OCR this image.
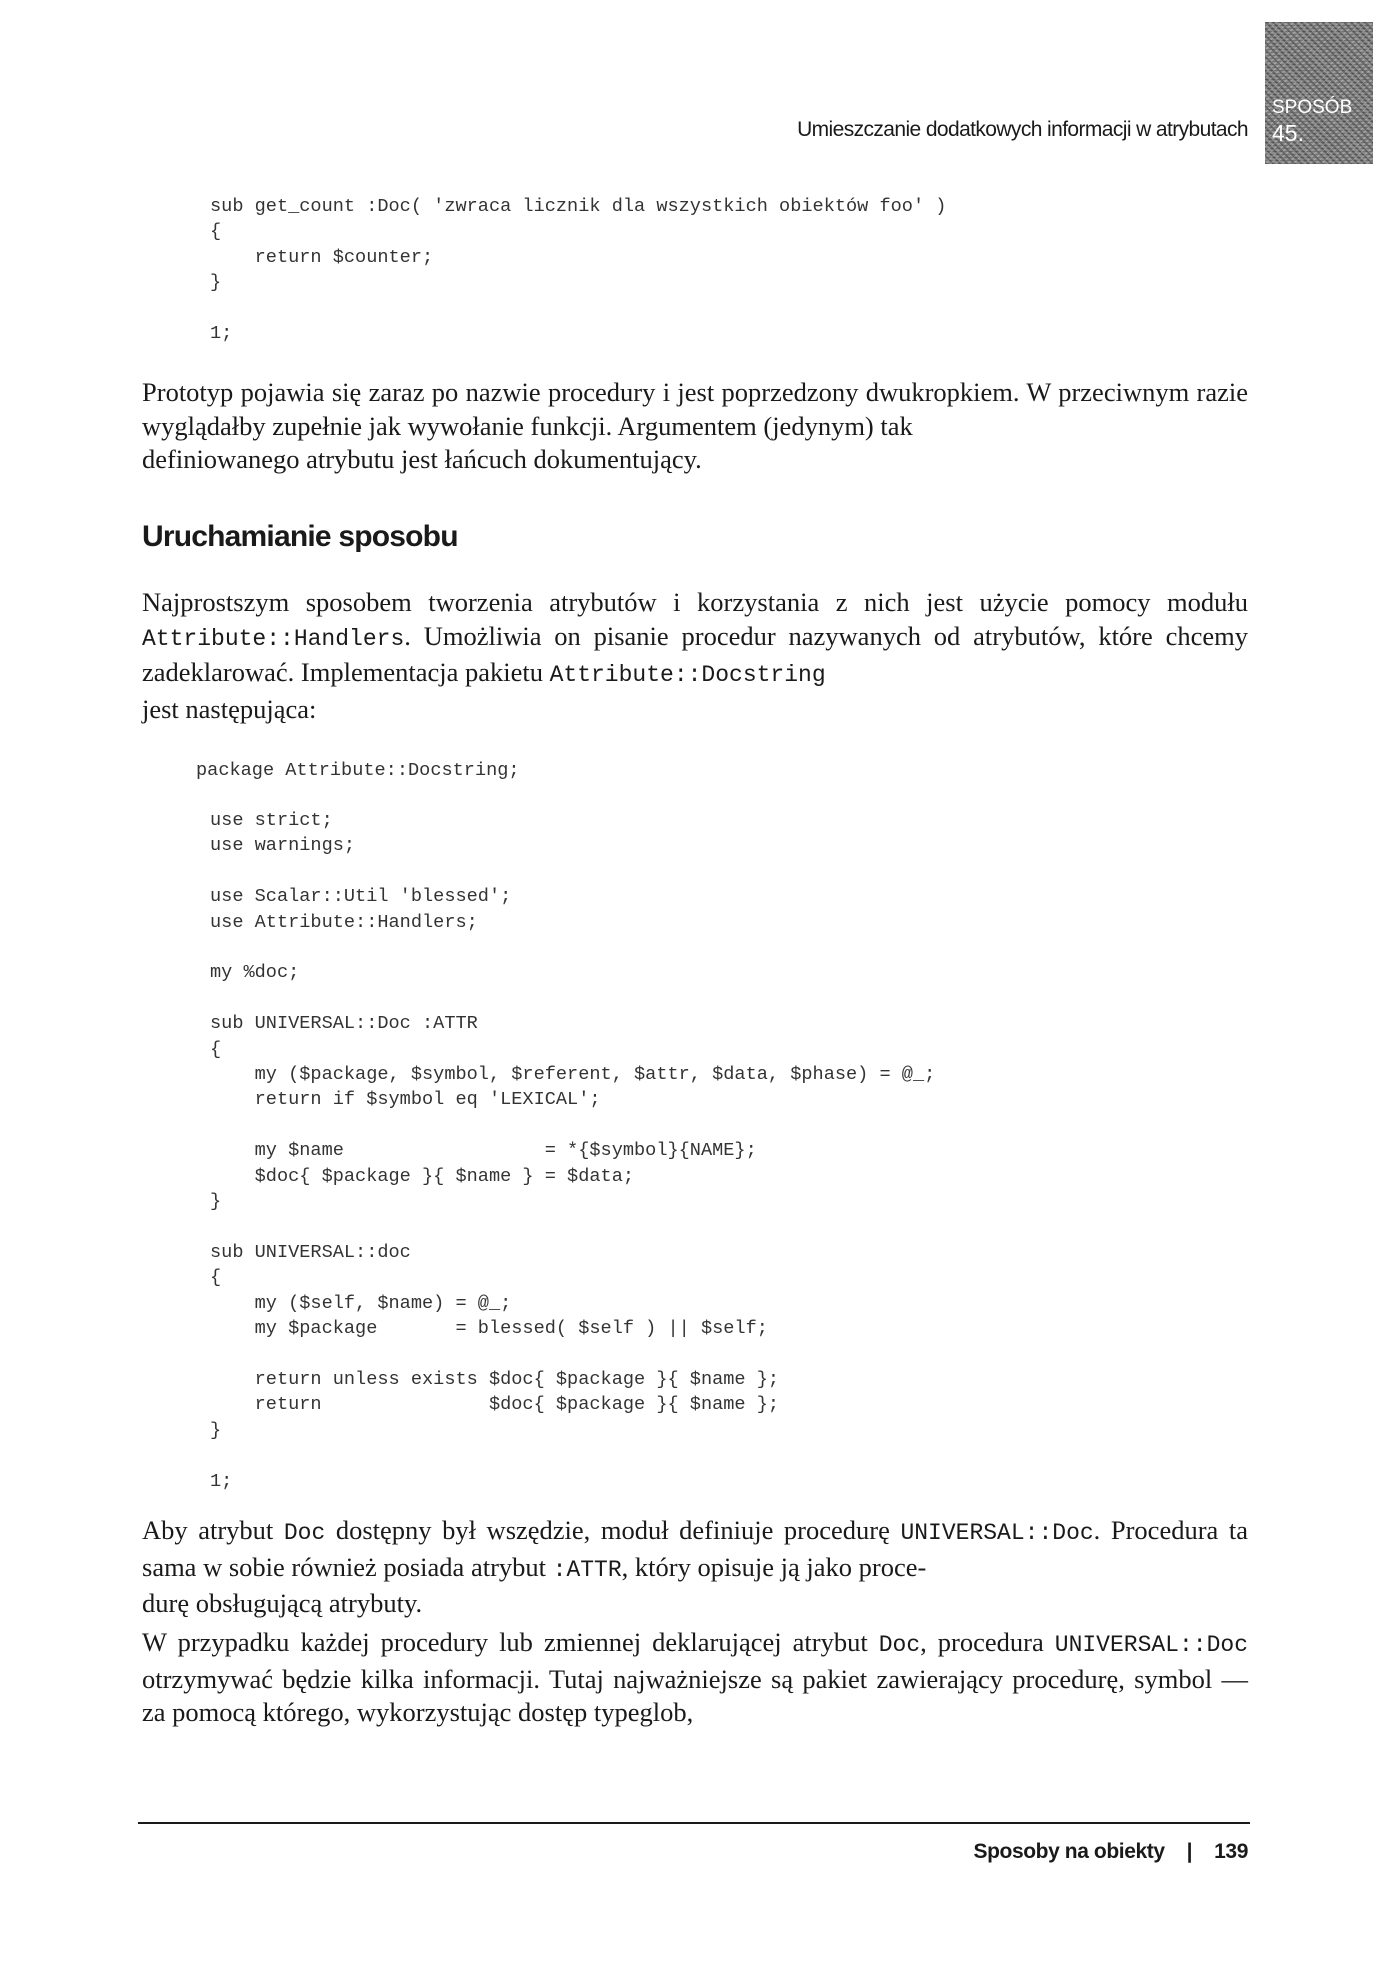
SPOSÓB
45.
Umieszczanie dodatkowych informacji w atrybutach
sub get_count :Doc( 'zwraca licznik dla wszystkich obiektów foo' )
{
return $counter;
}

1;

Prototyp pojawia się zaraz po nazwie procedury i jest poprzedzony dwukropkiem. W przeciwnym razie wyglądałby zupełnie jak wywołanie funkcji. Argumentem (jedynym) tak
definiowanego atrybutu jest łańcuch dokumentujący.

Uruchamianie sposobu

Najprostszym sposobem tworzenia atrybutów i korzystania z nich jest użycie pomocy modułu Attribute::Handlers. Umożliwia on pisanie procedur nazywanych od atrybutów, które chcemy zadeklarować. Implementacja pakietu Attribute::Docstring
jest następująca:

package Attribute::Docstring;
use strict;
use warnings;

use Scalar::Util 'blessed';
use Attribute::Handlers;

my %doc;

sub UNIVERSAL::Doc :ATTR
{
my ($package, $symbol, $referent, $attr, $data, $phase) = @_;
return if $symbol eq 'LEXICAL';

my $name                  = *{$symbol}{NAME};
$doc{ $package }{ $name } = $data;
}

sub UNIVERSAL::doc
{
my ($self, $name) = @_;
my $package       = blessed( $self ) || $self;

return unless exists $doc{ $package }{ $name };
return               $doc{ $package }{ $name };
}

1;

Aby atrybut Doc dostępny był wszędzie, moduł definiuje procedurę UNIVERSAL::Doc. Procedura ta sama w sobie również posiada atrybut :ATTR, który opisuje ją jako proce-
durę obsługującą atrybuty.

W przypadku każdej procedury lub zmiennej deklarującej atrybut Doc, procedura UNIVERSAL::Doc otrzymywać będzie kilka informacji. Tutaj najważniejsze są pakiet zawierający procedurę, symbol — za pomocą którego, wykorzystując dostęp typeglob,

Sposoby na obiekty | 139
